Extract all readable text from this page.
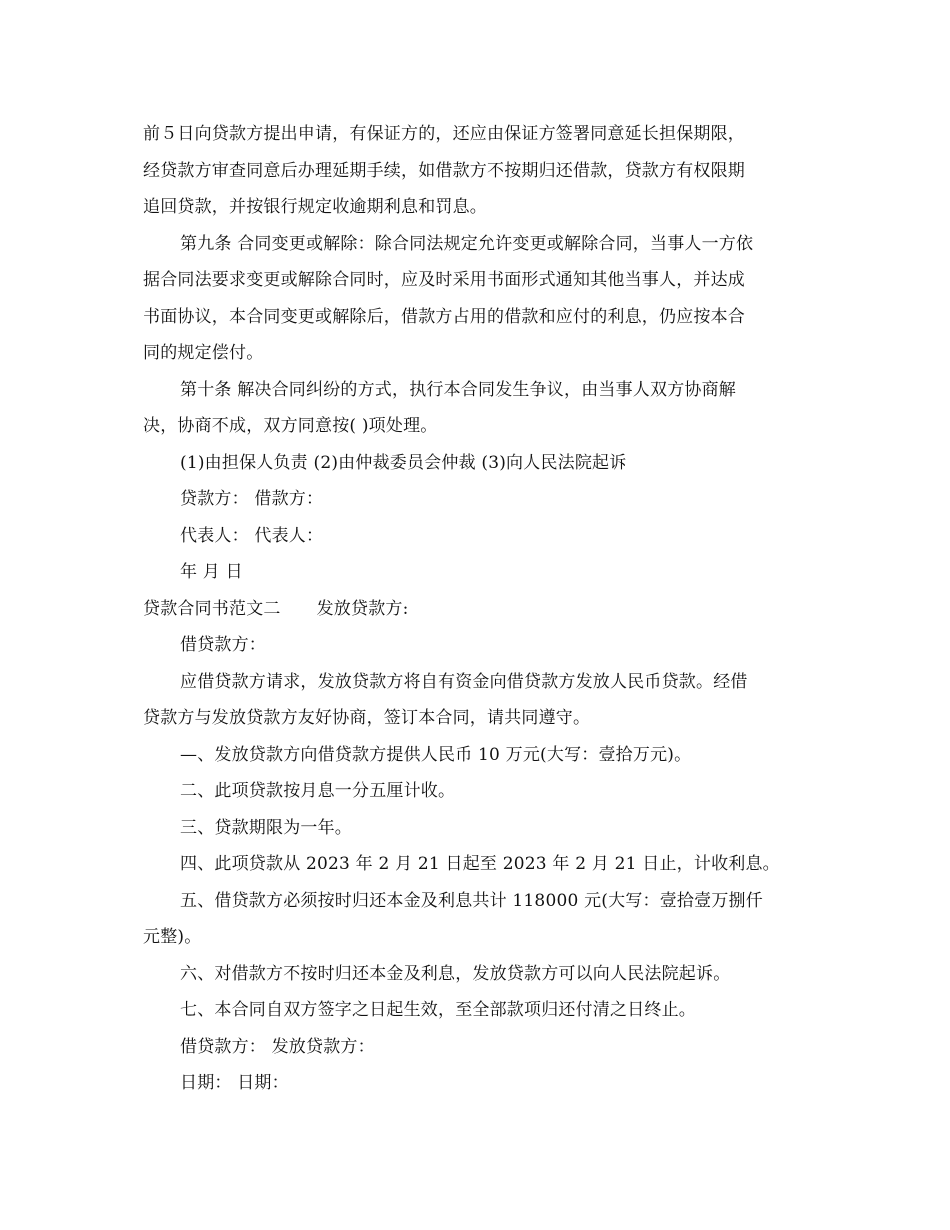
前５日向贷款方提出申请，有保证方的，还应由保证方签署同意延长担保期限，
经贷款方审查同意后办理延期手续，如借款方不按期归还借款，贷款方有权限期
追回贷款，并按银行规定收逾期利息和罚息。
第九条 合同变更或解除：除合同法规定允许变更或解除合同，当事人一方依
据合同法要求变更或解除合同时，应及时采用书面形式通知其他当事人，并达成
书面协议，本合同变更或解除后，借款方占用的借款和应付的利息，仍应按本合
同的规定偿付。
第十条 解决合同纠纷的方式，执行本合同发生争议，由当事人双方协商解
决，协商不成，双方同意按( )项处理。
(1)由担保人负责 (2)由仲裁委员会仲裁 (3)向人民法院起诉
贷款方： 借款方：
代表人： 代表人：
年 月 日
贷款合同书范文二 发放贷款方:
借贷款方：
应借贷款方请求，发放贷款方将自有资金向借贷款方发放人民币贷款。经借
贷款方与发放贷款方友好协商，签订本合同，请共同遵守。
—、发放贷款方向借贷款方提供人民币 10 万元(大写：壹拾万元)。
二、此项贷款按月息一分五厘计收。
三、贷款期限为一年。
四、此项贷款从 2023 年 2 月 21 日起至 2023 年 2 月 21 日止，计收利息。
五、借贷款方必须按时归还本金及利息共计 118000 元(大写：壹拾壹万捌仟
元整)。
六、对借款方不按时归还本金及利息，发放贷款方可以向人民法院起诉。
七、本合同自双方签字之日起生效，至全部款项归还付清之日终止。
借贷款方： 发放贷款方：
日期： 日期：
